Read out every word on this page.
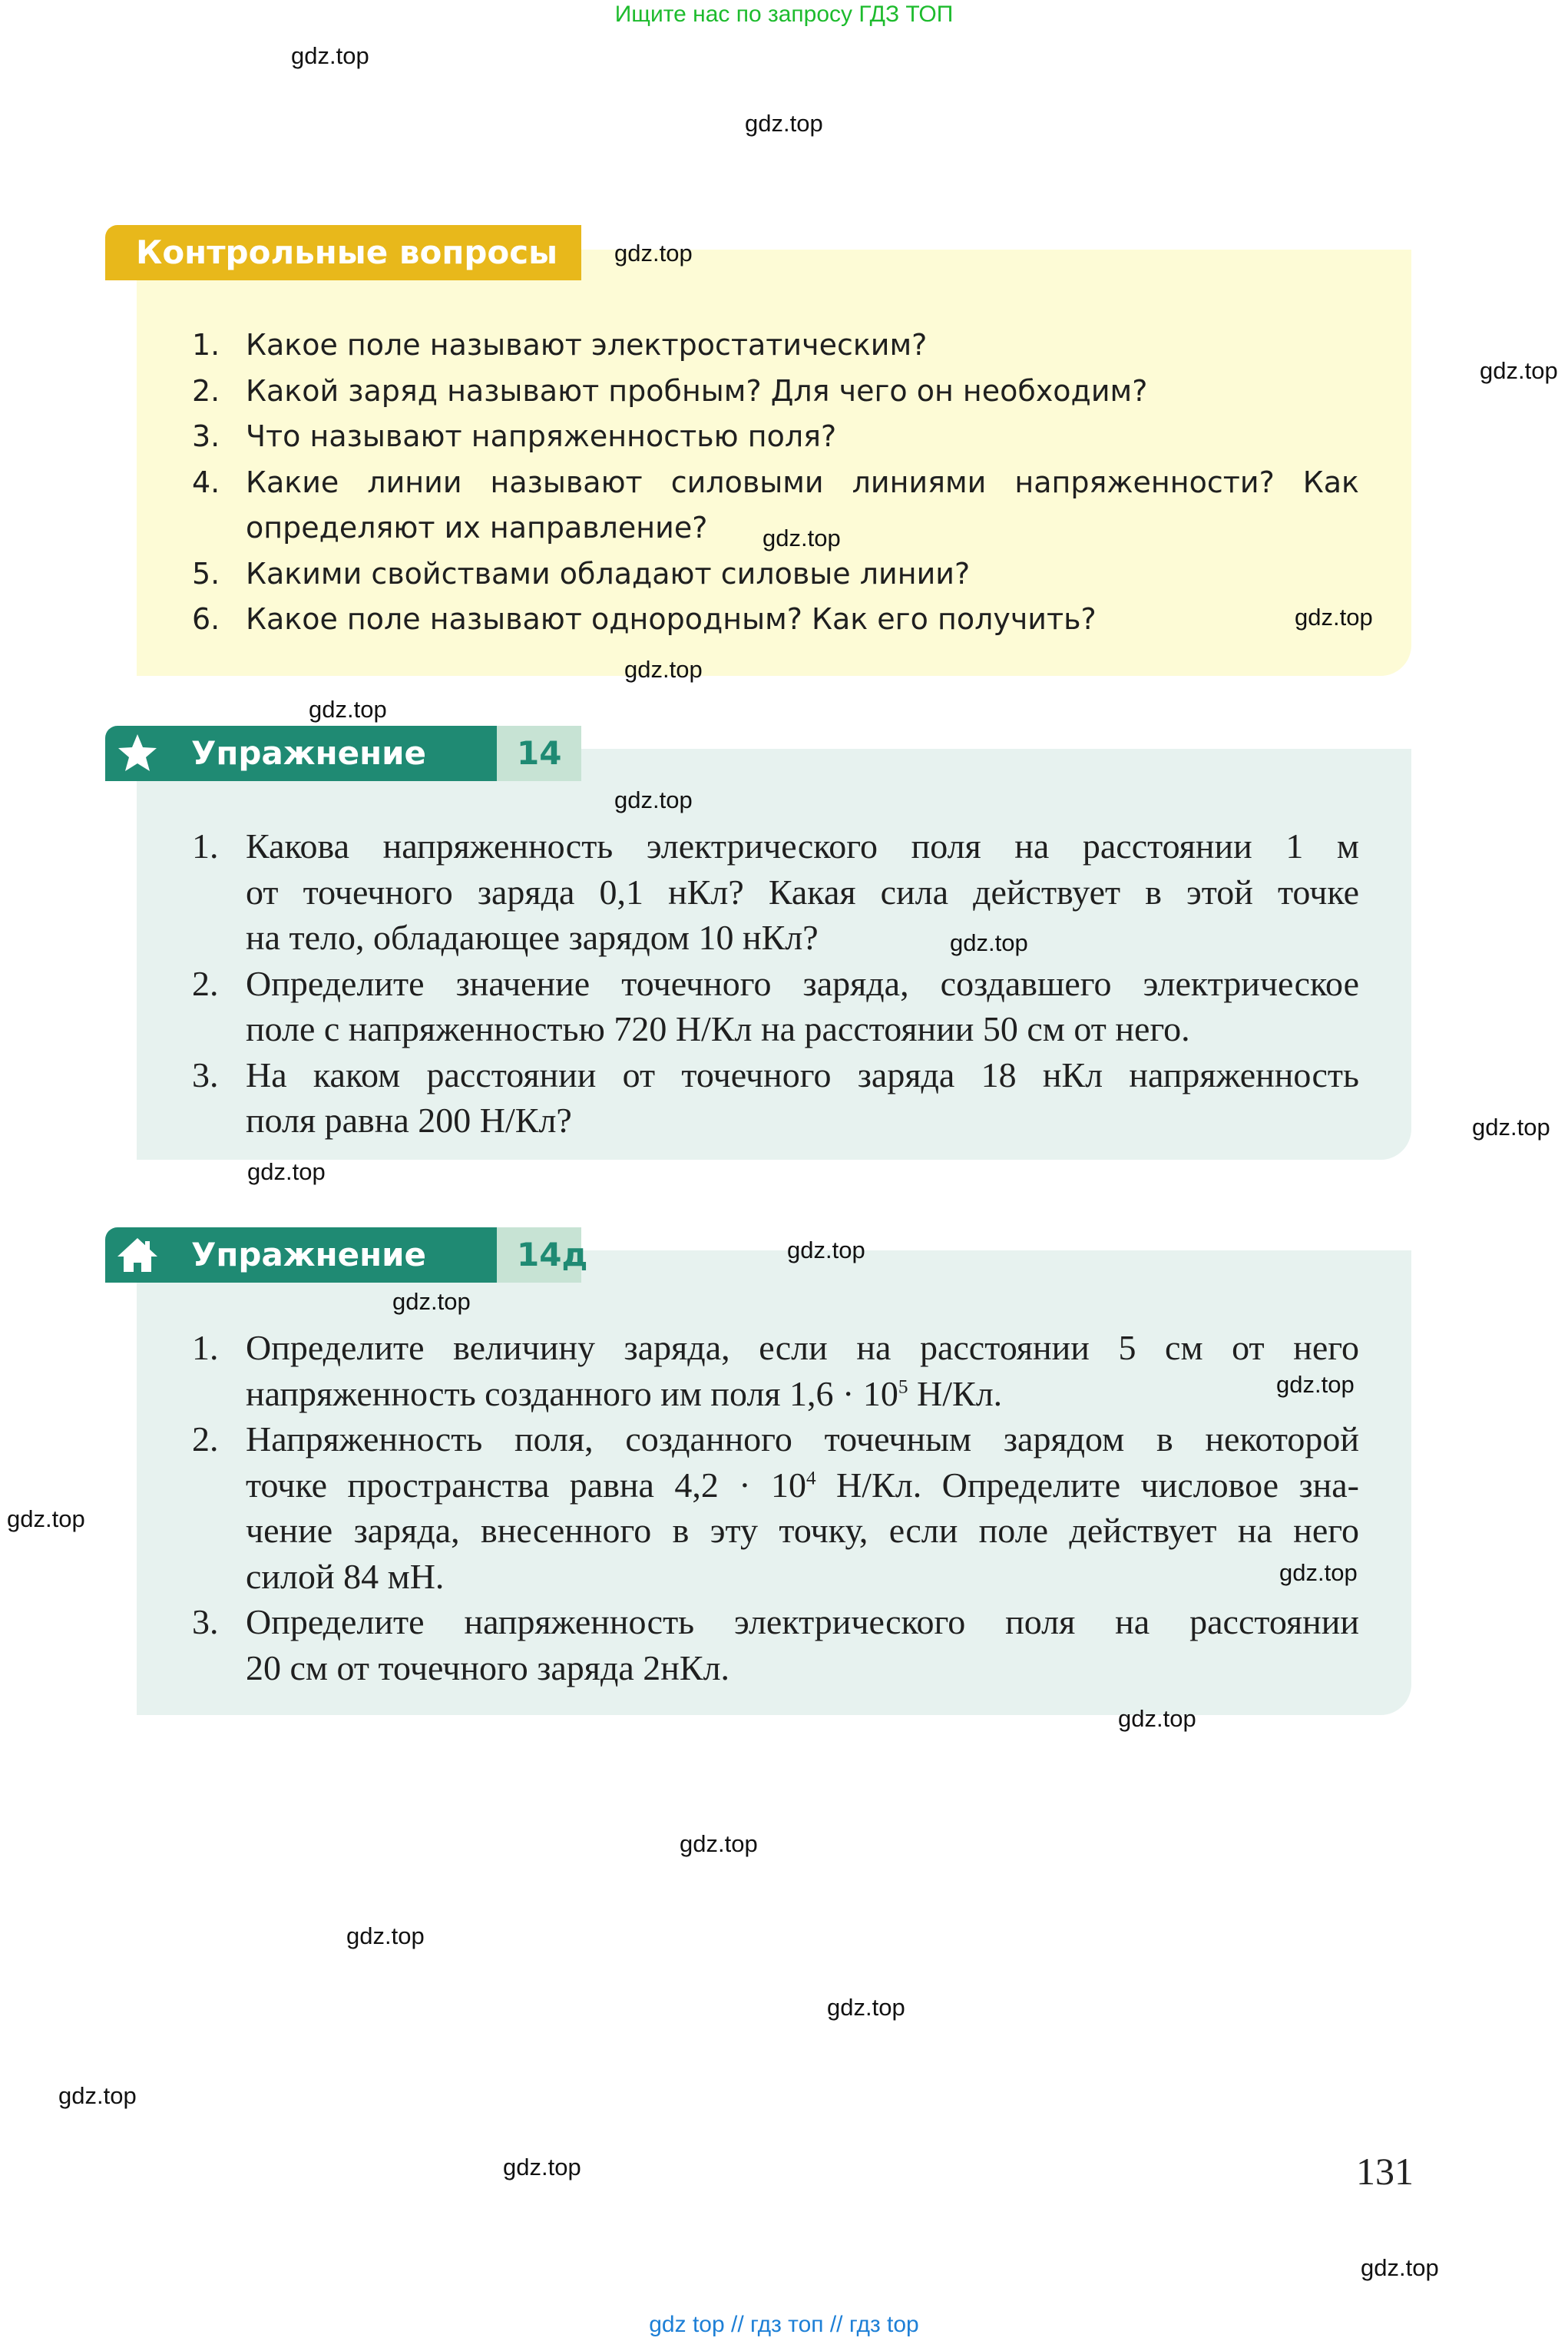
Ищите нас по запросу ГДЗ ТОП
Контрольные вопросы
1. Какое поле называют электростатическим?
2. Какой заряд называют пробным? Для чего он необходим?
3. Что называют напряженностью поля?
4. Какие линии называют силовыми линиями напряженности? Как определяют их направление?
5. Какими свойствами обладают силовые линии?
6. Какое поле называют однородным? Как его получить?
Упражнение	14
1. Какова напряженность электрического поля на расстоянии 1 м
от точечного заряда 0,1 нКл? Какая сила действует в этой точке
на тело, обладающее зарядом 10 нКл?
2. Определите значение точечного заряда, создавшего электрическое
поле с напряженностью 720 Н/Кл на расстоянии 50 см от него.
3. На каком расстоянии от точечного заряда 18 нКл напряженность
поля равна 200 Н/Кл?
Упражнение	14д
1. Определите величину заряда, если на расстоянии 5 см от него
напряженность созданного им поля $1,6 \cdot 10^5$ Н/Кл.
2. Напряженность поля, созданного точечным зарядом в некоторой
точке пространства равна $4,2 \cdot 10^4$ Н/Кл. Определите числовое зна-
чение заряда, внесенного в эту точку, если поле действует на него
силой 84 мН.
3. Определите напряженность электрического поля на расстоянии
20 см от точечного заряда 2нКл.
131
gdz.top
gdz.top
gdz.top
gdz.top
gdz.top
gdz.top
gdz.top
gdz.top
gdz.top
gdz.top
gdz.top
gdz.top
gdz.top
gdz.top
gdz.top
gdz.top
gdz.top
gdz.top
gdz.top
gdz.top
gdz.top
gdz.top
gdz.top
gdz.top
gdz top // гдз топ // гдз top
